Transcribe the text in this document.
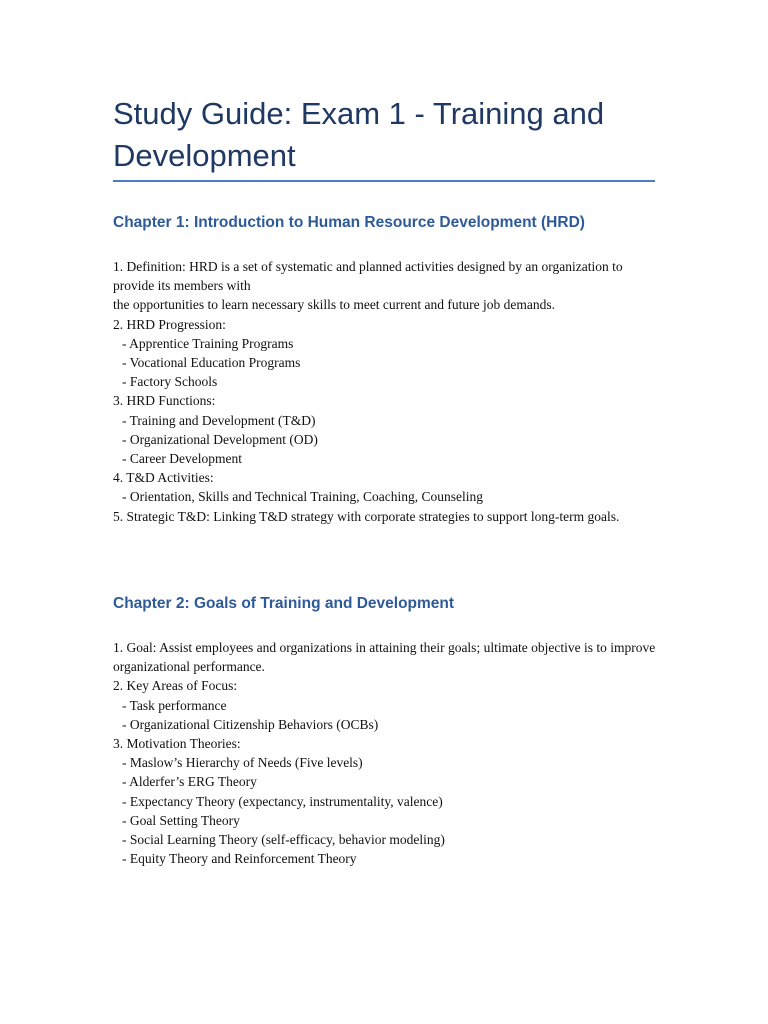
Study Guide: Exam 1 - Training and Development
Chapter 1: Introduction to Human Resource Development (HRD)

1. Definition: HRD is a set of systematic and planned activities designed by an organization to provide its members with

the opportunities to learn necessary skills to meet current and future job demands.

2. HRD Progression:

- Apprentice Training Programs

- Vocational Education Programs

- Factory Schools

3. HRD Functions:

- Training and Development (T&D)

- Organizational Development (OD)

- Career Development

4. T&D Activities:

- Orientation, Skills and Technical Training, Coaching, Counseling

5. Strategic T&D: Linking T&D strategy with corporate strategies to support long-term goals.

Chapter 2: Goals of Training and Development

1. Goal: Assist employees and organizations in attaining their goals; ultimate objective is to improve organizational performance.

2. Key Areas of Focus:

- Task performance

- Organizational Citizenship Behaviors (OCBs)

3. Motivation Theories:

- Maslow’s Hierarchy of Needs (Five levels)

- Alderfer’s ERG Theory

- Expectancy Theory (expectancy, instrumentality, valence)

- Goal Setting Theory

- Social Learning Theory (self-efficacy, behavior modeling)

- Equity Theory and Reinforcement Theory
